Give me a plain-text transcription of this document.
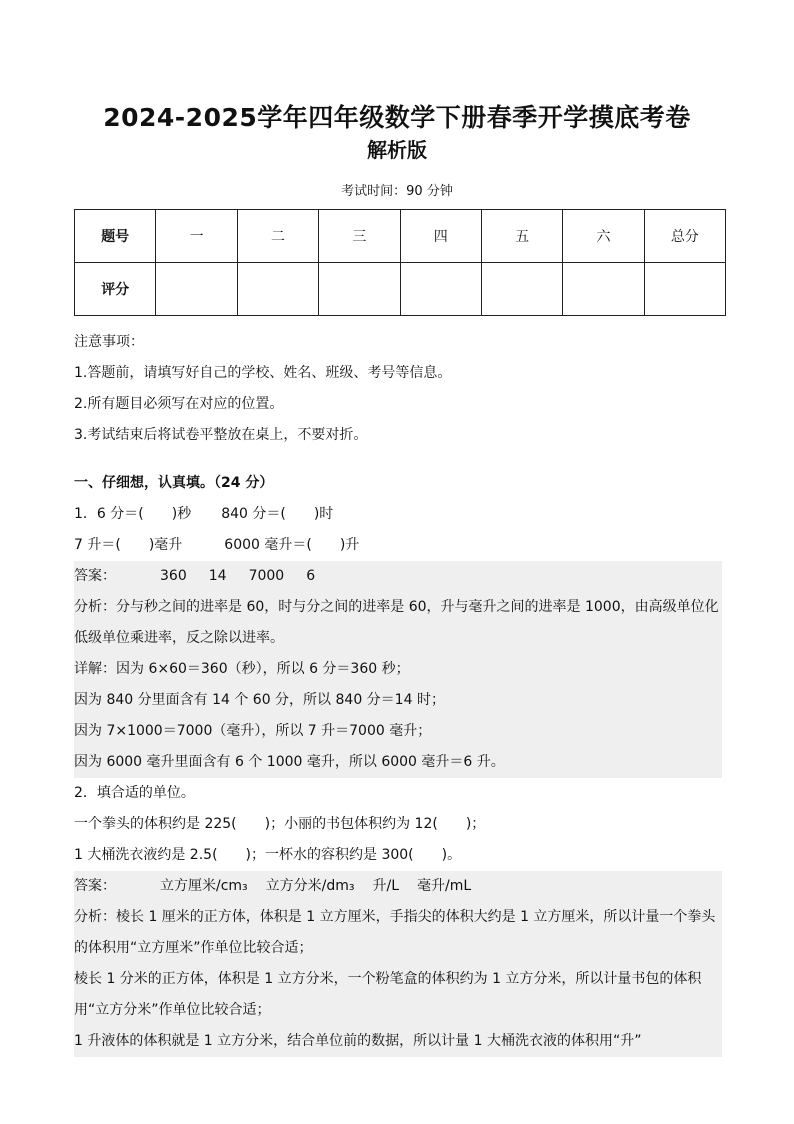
2024-2025学年四年级数学下册春季开学摸底考卷
解析版
考试时间：90 分钟
题号	一	二	三	四	五	六	总分
评分							
注意事项：
1.答题前，请填写好自己的学校、姓名、班级、考号等信息。
2.所有题目必须写在对应的位置。
3.考试结束后将试卷平整放在桌上，不要对折。
一、仔细想，认真填。（24 分）
1．6 分＝(　　)秒 840 分＝(　　)时
7 升＝(　　)毫升	6000 毫升＝(　　)升
答案：	360 14 7000 6
分析：分与秒之间的进率是 60，时与分之间的进率是 60，升与毫升之间的进率是 1000，由高级单位化低级单位乘进率，反之除以进率。
详解：因为 6×60＝360（秒），所以 6 分＝360 秒；
因为 840 分里面含有 14 个 60 分，所以 840 分＝14 时；
因为 7×1000＝7000（毫升），所以 7 升＝7000 毫升；
因为 6000 毫升里面含有 6 个 1000 毫升，所以 6000 毫升＝6 升。
2．填合适的单位。
一个拳头的体积约是 225(　　)；小丽的书包体积约为 12(　　)；
1 大桶洗衣液约是 2.5(　　)；一杯水的容积约是 300(　　)。
答案：	立方厘米/cm₃ 立方分米/dm₃ 升/L 毫升/mL
分析：棱长 1 厘米的正方体，体积是 1 立方厘米，手指尖的体积大约是 1 立方厘米，所以计量一个拳头的体积用“立方厘米”作单位比较合适；
棱长 1 分米的正方体，体积是 1 立方分米，一个粉笔盒的体积约为 1 立方分米，所以计量书包的体积用“立方分米”作单位比较合适；
1 升液体的体积就是 1 立方分米，结合单位前的数据，所以计量 1 大桶洗衣液的体积用“升”
